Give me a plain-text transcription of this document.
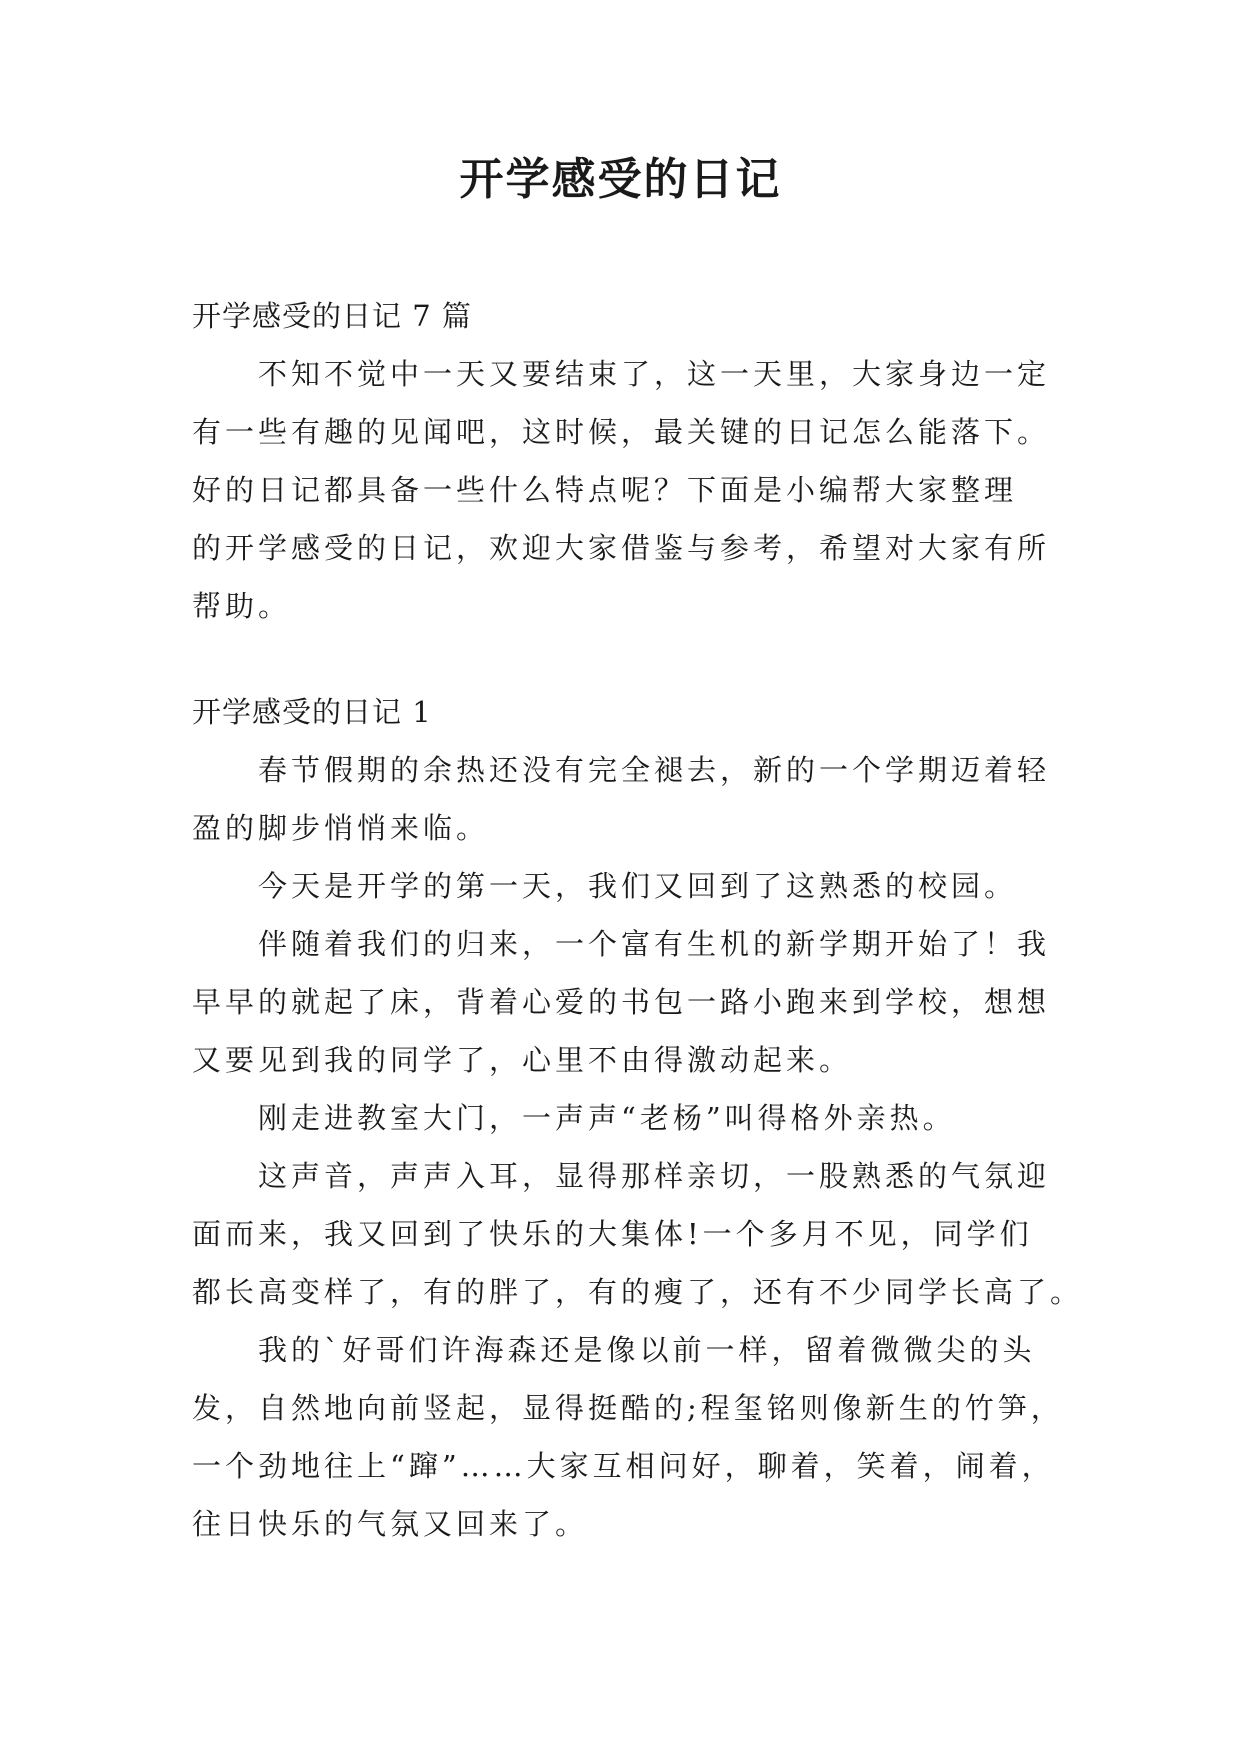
开学感受的日记
开学感受的日记 7 篇
不知不觉中一天又要结束了，这一天里，大家身边一定
有一些有趣的见闻吧，这时候，最关键的日记怎么能落下。
好的日记都具备一些什么特点呢？下面是小编帮大家整理
的开学感受的日记，欢迎大家借鉴与参考，希望对大家有所
帮助。
开学感受的日记 1
春节假期的余热还没有完全褪去，新的一个学期迈着轻
盈的脚步悄悄来临。
今天是开学的第一天，我们又回到了这熟悉的校园。
伴随着我们的归来，一个富有生机的新学期开始了！我
早早的就起了床，背着心爱的书包一路小跑来到学校，想想
又要见到我的同学了，心里不由得激动起来。
刚走进教室大门，一声声“老杨”叫得格外亲热。
这声音，声声入耳，显得那样亲切，一股熟悉的气氛迎
面而来，我又回到了快乐的大集体!一个多月不见，同学们
都长高变样了，有的胖了，有的瘦了，还有不少同学长高了。
我的`好哥们许海森还是像以前一样，留着微微尖的头
发，自然地向前竖起，显得挺酷的;程玺铭则像新生的竹笋，
一个劲地往上“蹿”……大家互相问好，聊着，笑着，闹着，
往日快乐的气氛又回来了。
